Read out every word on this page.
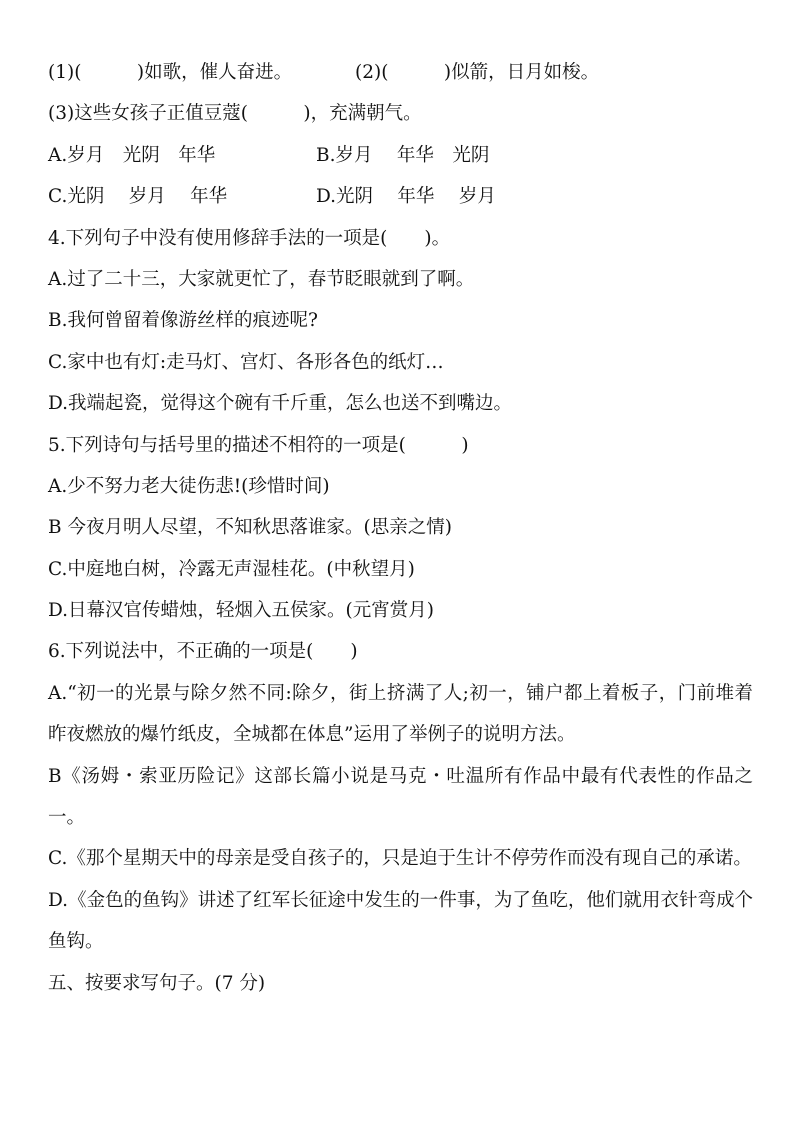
(1)(　　　)如歌，催人奋进。	(2)(　　　)似箭，日月如梭。
(3)这些女孩子正值豆蔻(　　　)，充满朝气。
A.岁月　光阴　年华	B.岁月　 年华　光阴
C.光阴　 岁月　 年华	D.光阴　 年华　 岁月
4.下列句子中没有使用修辞手法的一项是(　　)。
A.过了二十三，大家就更忙了，春节眨眼就到了啊。
B.我何曾留着像游丝样的痕迹呢?
C.家中也有灯:走马灯、宫灯、各形各色的纸灯…
D.我端起瓷，觉得这个碗有千斤重，怎么也送不到嘴边。
5.下列诗句与括号里的描述不相符的一项是(　　　)
A.少不努力老大徒伤悲!(珍惜时间)
B 今夜月明人尽望，不知秋思落谁家。(思亲之情)
C.中庭地白树，冷露无声湿桂花。(中秋望月)
D.日幕汉官传蜡烛，轻烟入五侯家。(元宵赏月)
6.下列说法中，不正确的一项是(　　)
A.“初一的光景与除夕然不同:除夕，街上挤满了人;初一，铺户都上着板子，门前堆着昨夜燃放的爆竹纸皮，全城都在体息”运用了举例子的说明方法。
B《汤姆・索亚历险记》这部长篇小说是马克・吐温所有作品中最有代表性的作品之一。
C.《那个星期天中的母亲是受自孩子的，只是迫于生计不停劳作而没有现自己的承诺。
D.《金色的鱼钩》讲述了红军长征途中发生的一件事，为了鱼吃，他们就用衣针弯成个鱼钩。
五、按要求写句子。(7 分)
